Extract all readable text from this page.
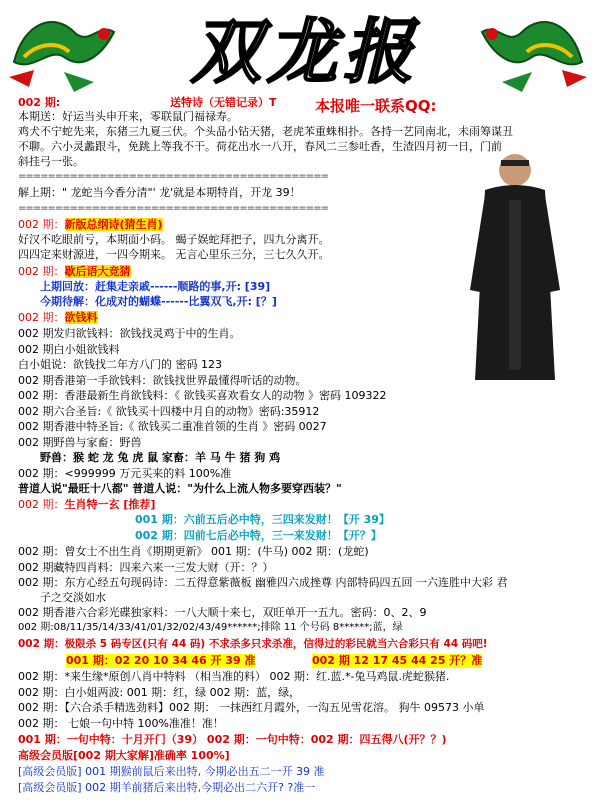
双龙报
002 期:	送特诗（无错记录）T	本报唯一联系QQ:
本期送：好运当头申开来，零联鼠门福禄寿。
鸡犬不宁蛇先来，东猪三九夏三伏。个头品小钻天猪，老虎苯重蛛相扑。各持一艺同南北，未雨筹谋丑
不聊。六小灵蠡跟斗，免跳上等我不干。荷花出水一八开，春风二三参吐香，生渣四月初一日，门前
斜挂弓一张。
==========================================
解上期：" 龙蛇当今香分清"' 龙'就是本期特肖，开龙 39！
==========================================
002 期：新版总纲诗(猜生肖)
好汉不吃眼前亏，本期面小码。 蝎子娱蛇拜把子，四九分离开。
四四定来财源进，一四今期来。 无言心里乐三分，三七久久开。
002 期：歇后语大竞猜
上期回放：赶集走亲戚------顺路的事,开: [39]
今期待解：化成对的蝴蝶------比翼双飞,开: [？]
002 期：欲钱料
002 期发归欲钱料：欲钱找灵鸡于中的生肖。
002 期白小姐欲钱料
白小姐说：欲钱找二年方八门的 密码 123
002 期香港第一手欲钱料：欲钱找世界最懂得听话的动物。
002 期：香港最新生肖欲钱料：《 欲钱买喜欢看女人的动物 》密码 109322
002 期六合圣旨:《 欲钱买十四楼中月自的动物》密码:35912
002 期香港中特圣旨:《 欲钱买二重准首领的生肖 》密码 0027
002 期野兽与家畜：野兽
野兽：猴 蛇 龙 兔 虎 鼠 家畜：羊 马 牛 猪 狗 鸡
002 期：<999999 万元买来的料 100%准
普道人说"最旺十八都" 普道人说："为什么上流人物多要穿西装？"
002 期：生肖特一玄 [推荐]
001 期：六前五后必中特，三四来发财！【开 39】
002 期：四前七后必中特，三一来发财！【开？】
002 期：曾女士不出生肖《期期更新》 001 期：(牛马) 002 期：(龙蛇)
002 期藏特四肖料：四来六来一三发大财（开：？）
002 期：东方心经五句现码诗：二五得意紫薇板 幽雅四六成挫尊 内部特码四五回 一六连胜中大彩 君
子之交淡如水
002 期香港六合彩光碟独家料：一八大顺十来七，双旺单开一五九。密码：0、2、9
002 期:08/11/35/14/33/41/01/32/02/43/49******;排除 11 个号码 8******;蓝，绿
002 期：极限杀 5 码专区(只有 44 码) 不求杀多只求杀准，信得过的彩民就当六合彩只有 44 码吧!
001 期：02 20 10 34 46 开 39 准	002 期 12 17 45 44 25 开？准
002 期：*来生缘*原创八肖中特料 （相当准的料） 002 期：红.蓝.*-兔马鸡鼠.虎蛇猴猪.
002 期：白小姐两波: 001 期：红，绿 002 期：蓝，绿，
002 期：【六合杀手精选劲料】002 期： 一抹西红月霞外，一沟五见雪花溶。 狗牛 09573 小单
002 期： 七娘一句中特 100%准准！准！
001 期：一句中特：十月开门（39） 002 期：一句中特：002 期：四五得八(开？？)
高级会员版[002 期大家解]准确率 100%]
[高级会员版] 001 期猴前鼠后来出特, 今期必出五二一开 39 准
[高级会员版] 002 期羊前猪后来出特,今期必出二六开? ?准一
